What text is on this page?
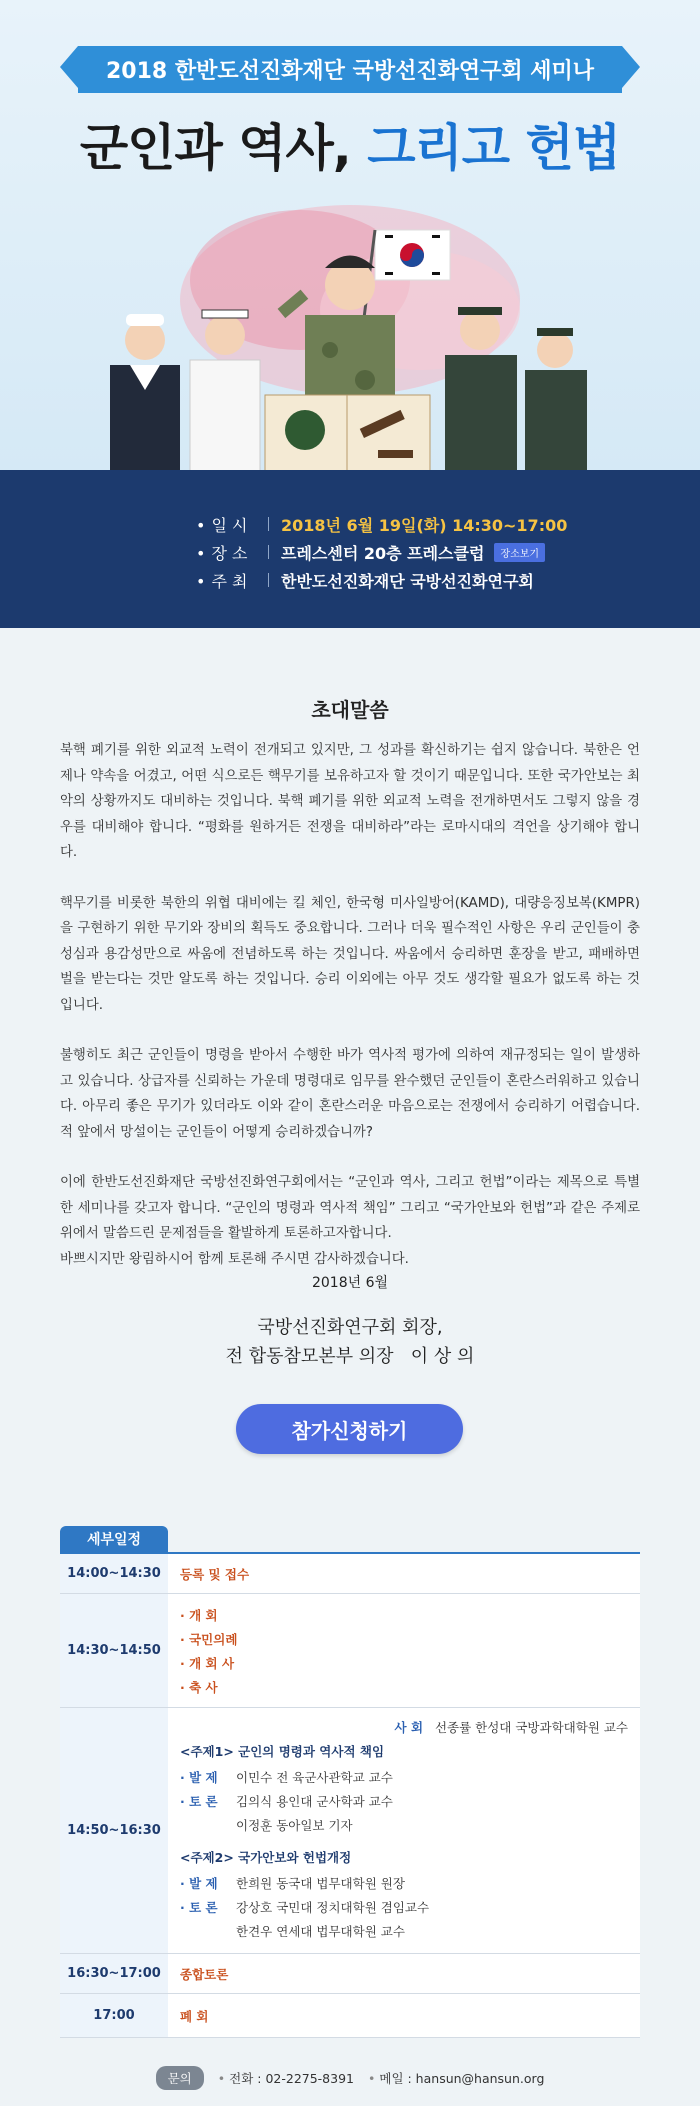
2018 한반도선진화재단 국방선진화연구회 세미나
군인과 역사, 그리고 헌법
• 일 시	2018년 6월 19일(화) 14:30~17:00
• 장 소	프레스센터 20층 프레스클럽	장소보기
• 주 최	한반도선진화재단 국방선진화연구회
초대말씀

북핵 폐기를 위한 외교적 노력이 전개되고 있지만, 그 성과를 확신하기는 쉽지 않습니다. 북한은 언제나 약속을 어겼고, 어떤 식으로든 핵무기를 보유하고자 할 것이기 때문입니다. 또한 국가안보는 최악의 상황까지도 대비하는 것입니다. 북핵 폐기를 위한 외교적 노력을 전개하면서도 그렇지 않을 경우를 대비해야 합니다. “평화를 원하거든 전쟁을 대비하라”라는 로마시대의 격언을 상기해야 합니다.

핵무기를 비롯한 북한의 위협 대비에는 킬 체인, 한국형 미사일방어(KAMD), 대량응징보복(KMPR)을 구현하기 위한 무기와 장비의 획득도 중요합니다. 그러나 더욱 필수적인 사항은 우리 군인들이 충성심과 용감성만으로 싸움에 전념하도록 하는 것입니다. 싸움에서 승리하면 훈장을 받고, 패배하면 벌을 받는다는 것만 알도록 하는 것입니다. 승리 이외에는 아무 것도 생각할 필요가 없도록 하는 것입니다.

불행히도 최근 군인들이 명령을 받아서 수행한 바가 역사적 평가에 의하여 재규정되는 일이 발생하고 있습니다. 상급자를 신뢰하는 가운데 명령대로 임무를 완수했던 군인들이 혼란스러워하고 있습니다. 아무리 좋은 무기가 있더라도 이와 같이 혼란스러운 마음으로는 전쟁에서 승리하기 어렵습니다. 적 앞에서 망설이는 군인들이 어떻게 승리하겠습니까?

이에 한반도선진화재단 국방선진화연구회에서는 “군인과 역사, 그리고 헌법”이라는 제목으로 특별한 세미나를 갖고자 합니다. “군인의 명령과 역사적 책임” 그리고 “국가안보와 헌법”과 같은 주제로 위에서 말씀드린 문제점들을 활발하게 토론하고자합니다.

바쁘시지만 왕림하시어 함께 토론해 주시면 감사하겠습니다.

2018년 6월
국방선진화연구회 회장,
전 합동참모본부 의장 이 상 의
참가신청하기
세부일정
14:00~14:30	등록 및 접수
14:30~14:50
· 개 회
· 국민의례
· 개 회 사
· 축 사
14:50~16:30
사 회 선종률 한성대 국방과학대학원 교수
<주제1> 군인의 명령과 역사적 책임
· 발 제 이민수 전 육군사관학교 교수
· 토 론 김의식 용인대 군사학과 교수
이정훈 동아일보 기자
<주제2> 국가안보와 헌법개정
· 발 제 한희원 동국대 법무대학원 원장
· 토 론 강상호 국민대 정치대학원 겸임교수
한견우 연세대 법무대학원 교수
16:30~17:00	종합토론
17:00	폐 회
문의	• 전화 : 02-2275-8391	• 메일 : hansun@hansun.org
